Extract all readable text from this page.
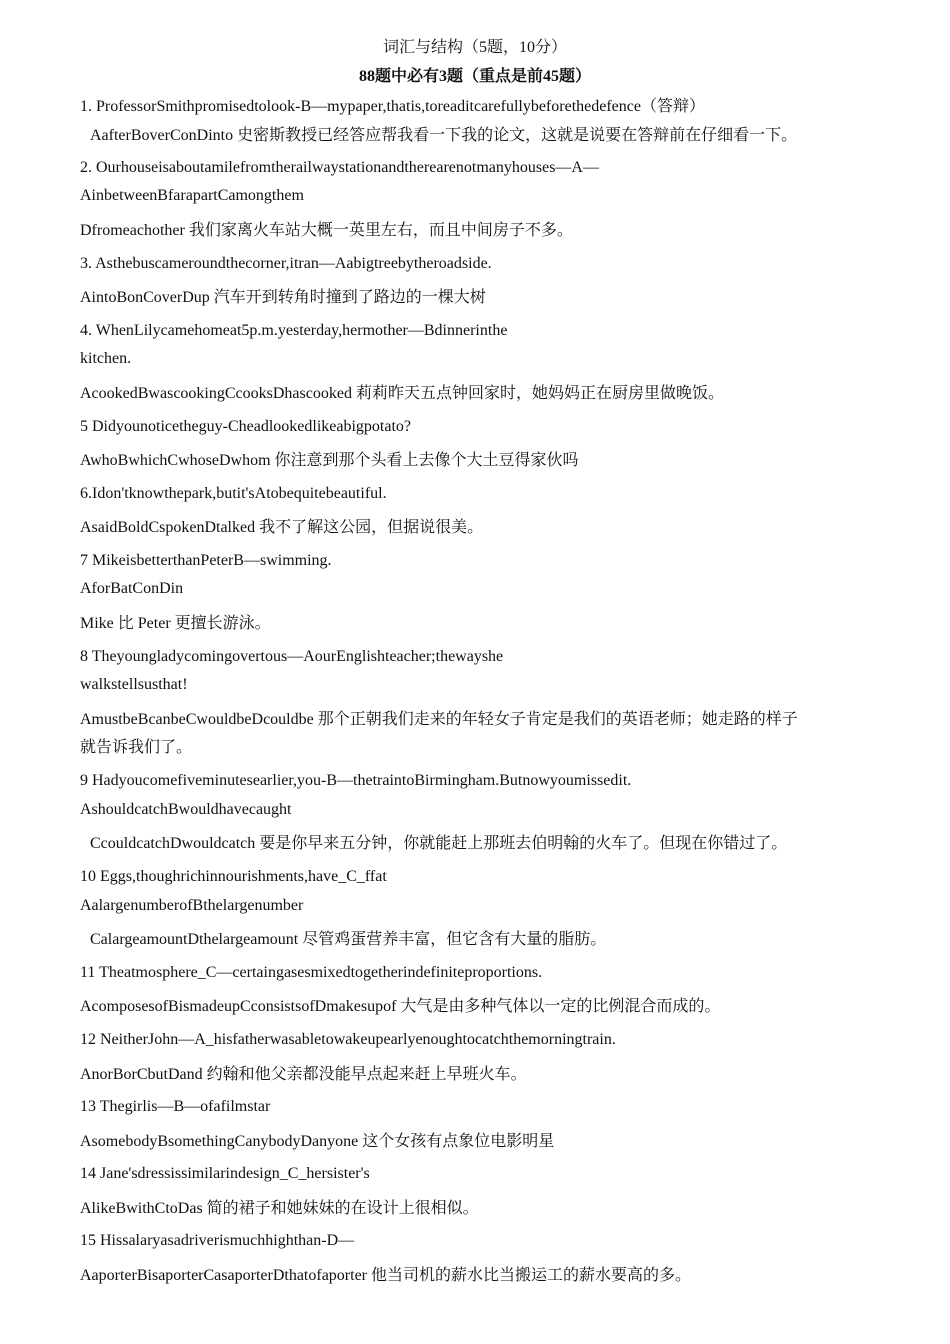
词汇与结构（5题，10分）
88题中必有3题（重点是前45题）
1. ProfessorSmithpromisedtolook-B—mypaper,thatis,toreaditcarefullybeforethedefence（答辩）
AafterBoverConDinto 史密斯教授已经答应帮我看一下我的论文，这就是说要在答辩前在仔细看一下。
2. Ourhouseisaboutamilefromtherailwaystationandtherearenotmanyhouses—A—
AinbetweenBfarapartCamongthem
Dfromeachother 我们家离火车站大概一英里左右，而且中间房子不多。
3. Asthebuscameroundthecorner,itran—Aabigtreebytheroadside.
AintoBonCoverDup 汽车开到转角时撞到了路边的一棵大树
4. WhenLilycamehomeat5p.m.yesterday,hermother—Bdinnerinthe
kitchen.
AcookedBwascookingCcooksDhascooked 莉莉昨天五点钟回家时，她妈妈正在厨房里做晚饭。
5 Didyounoticetheguy-Cheadlookedlikeabigpotato?
AwhoBwhichCwhoseDwhom 你注意到那个头看上去像个大土豆得家伙吗
6.Idon'tknowthepark,butit'sAtobequitebeautiful.
AsaidBoldCspokenDtalked 我不了解这公园，但据说很美。
7 MikeisbetterthanPeterB—swimming.
AforBatConDin
Mike 比 Peter 更擅长游泳。
8 Theyoungladycomingovertous—AourEnglishteacher;thewayshe
walkstellsusthat!
AmustbeBcanbeCwouldbeDcouldbe 那个正朝我们走来的年轻女子肯定是我们的英语老师；她走路的样子
就告诉我们了。
9 Hadyoucomefiveminutesearlier,you-B—thetraintoBirmingham.Butnowyoumissedit.
AshouldcatchBwouldhavecaught
CcouldcatchDwouldcatch 要是你早来五分钟，你就能赶上那班去伯明翰的火车了。但现在你错过了。
10 Eggs,thoughrichinnourishments,have_C_ffat
AalargenumberofBthelargenumber
CalargeamountDthelargeamount 尽管鸡蛋营养丰富，但它含有大量的脂肪。
11 Theatmosphere_C—certaingasesmixedtogetherindefiniteproportions.
AcomposesofBismadeupCconsistsofDmakesupof 大气是由多种气体以一定的比例混合而成的。
12 NeitherJohn—A_hisfatherwasabletowakeupearlyenoughtocatchthemorningtrain.
AnorBorCbutDand 约翰和他父亲都没能早点起来赶上早班火车。
13 Thegirlis—B—ofafilmstar
AsomebodyBsomethingCanybodyDanyone 这个女孩有点象位电影明星
14 Jane'sdressissimilarindesign_C_hersister's
AlikeBwithCtoDas 简的裙子和她妹妹的在设计上很相似。
15 Hissalaryasadriverismuchhighthan-D—
AaporterBisaporterCasaporterDthatofaporter 他当司机的薪水比当搬运工的薪水要高的多。
